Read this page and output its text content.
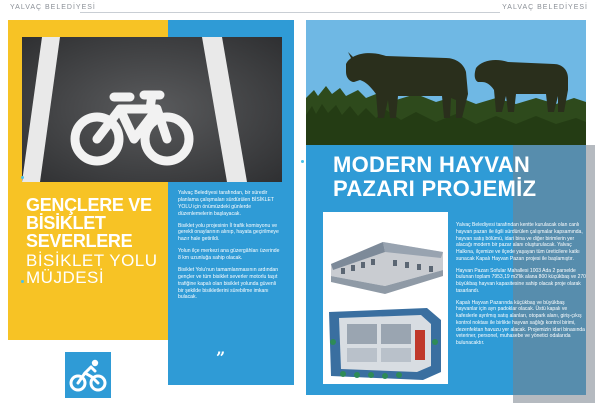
YALVAÇ BELEDİYESİ	YALVAÇ BELEDİYESİ
GENÇLERE VE BİSİKLET SEVERLERE
BİSİKLET YOLU MÜJDESİ

Yalvaç Belediyesi tarafından, bir süredir planlama çalışmaları sürdürülen BİSİKLET YOLU için önümüzdeki günlerde düzenlemelerin başlayacak.

Bisiklet yolu projesinin İl trafik komisyonu ve gerekli onaylarının alınıp, hayata geçirilmeye hazır hale getirildi.

Yolun ilçe merkezi ana güzergâhları üzerinde 8 km uzunluğa sahip olacak.

Bisiklet Yolu'nun tamamlanmasının ardından gençler ve tüm bisiklet severler motorlu taşıt trafiğine kapalı olan bisiklet yolunda güvenli bir şekilde bisikletlerini sürebilme imkanı bulacak.

”
MODERN HAYVAN PAZARI PROJEMİZ

Yalvaç Belediyesi tarafından kentte kurulacak olan canlı hayvan pazarı ile ilgili sürdürülen çalışmalar kapsamında, hayvan satış bölümü, idari bina ve diğer birimlerin yer alacağı modern bir pazar alanı oluşturulacak. Yalvaç Halkına, ilçemize ve ilçede yaşayan tüm üreticilere katkı sunacak Kapalı Hayvan Pazarı projesi ile başlamıştır.

Hayvan Pazarı Sofular Mahallesi 1003 Ada 2 parselde bulunan toplam 7953,19 m2'lik alana 800 küçükbaş ve 270 büyükbaş hayvan kapasitesine sahip olacak proje olarak tasarlandı.

Kapalı Hayvan Pazarında küçükbaş ve büyükbaş hayvanlar için ayrı padoklar olacak. Üstü kapalı ve kafeslerle ayrılmış satış alanları, otopark alanı, giriş-çıkış kontrol noktası ile birlikte hayvan sağlığı kontrol birimi, dezenfektan havuzu yer alacak. Projemizin idari binasında veteriner, personel, muhasebe ve yönetici odalarıda bulunacaktır.
